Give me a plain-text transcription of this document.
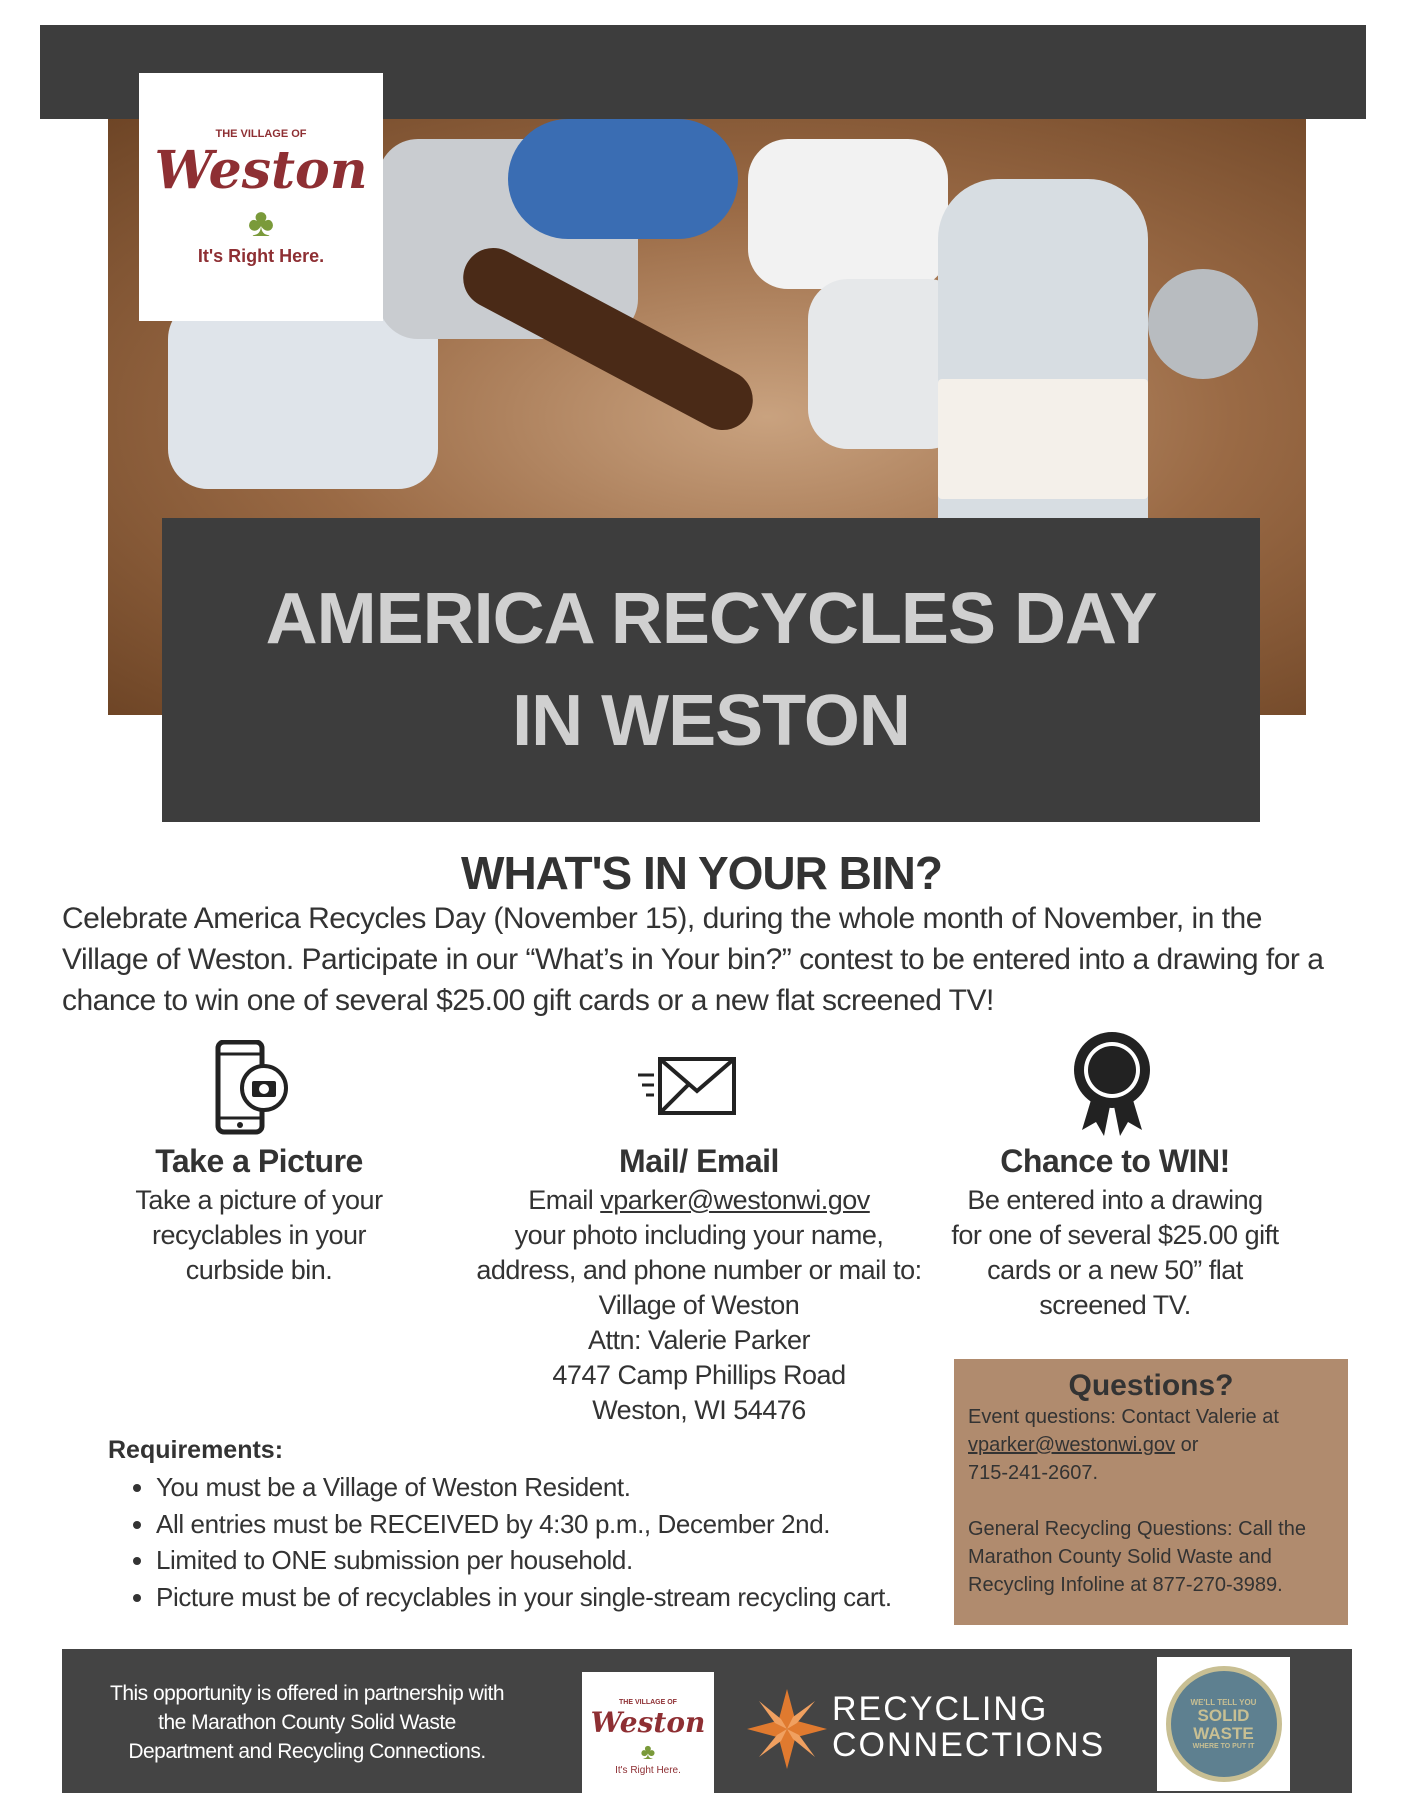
THE VILLAGE OF
Weston
♣
It's Right Here.
AMERICA RECYCLES DAY
IN WESTON
WHAT'S IN YOUR BIN?
Celebrate America Recycles Day (November 15), during the whole month of November, in the Village of Weston. Participate in our “What’s in Your bin?” contest to be entered into a drawing for a chance to win one of several $25.00 gift cards or a new flat screened TV!
Take a Picture

Take a picture of your recyclables in your curbside bin.

Mail/ Email

Email vparker@westonwi.gov

your photo including your name,

address, and phone number or mail to:

Village of Weston

Attn: Valerie Parker

4747 Camp Phillips Road

Weston, WI 54476

Chance to WIN!

Be entered into a drawing for one of several $25.00 gift cards or a new 50” flat screened TV.

Questions?

Event questions: Contact Valerie at

vparker@westonwi.gov or

715-241-2607.

General Recycling Questions: Call the Marathon County Solid Waste and Recycling Infoline at 877-270-3989.

Requirements:
• You must be a Village of Weston Resident.
• All entries must be RECEIVED by 4:30 p.m., December 2nd.
• Limited to ONE submission per household.
• Picture must be of recyclables in your single-stream recycling cart.

This opportunity is offered in partnership with the Marathon County Solid Waste Department and Recycling Connections.

THE VILLAGE OF
Weston
♣
It's Right Here.
RECYCLING
CONNECTIONS
WE'LL TELL YOU
SOLID WASTE
WHERE TO PUT IT
